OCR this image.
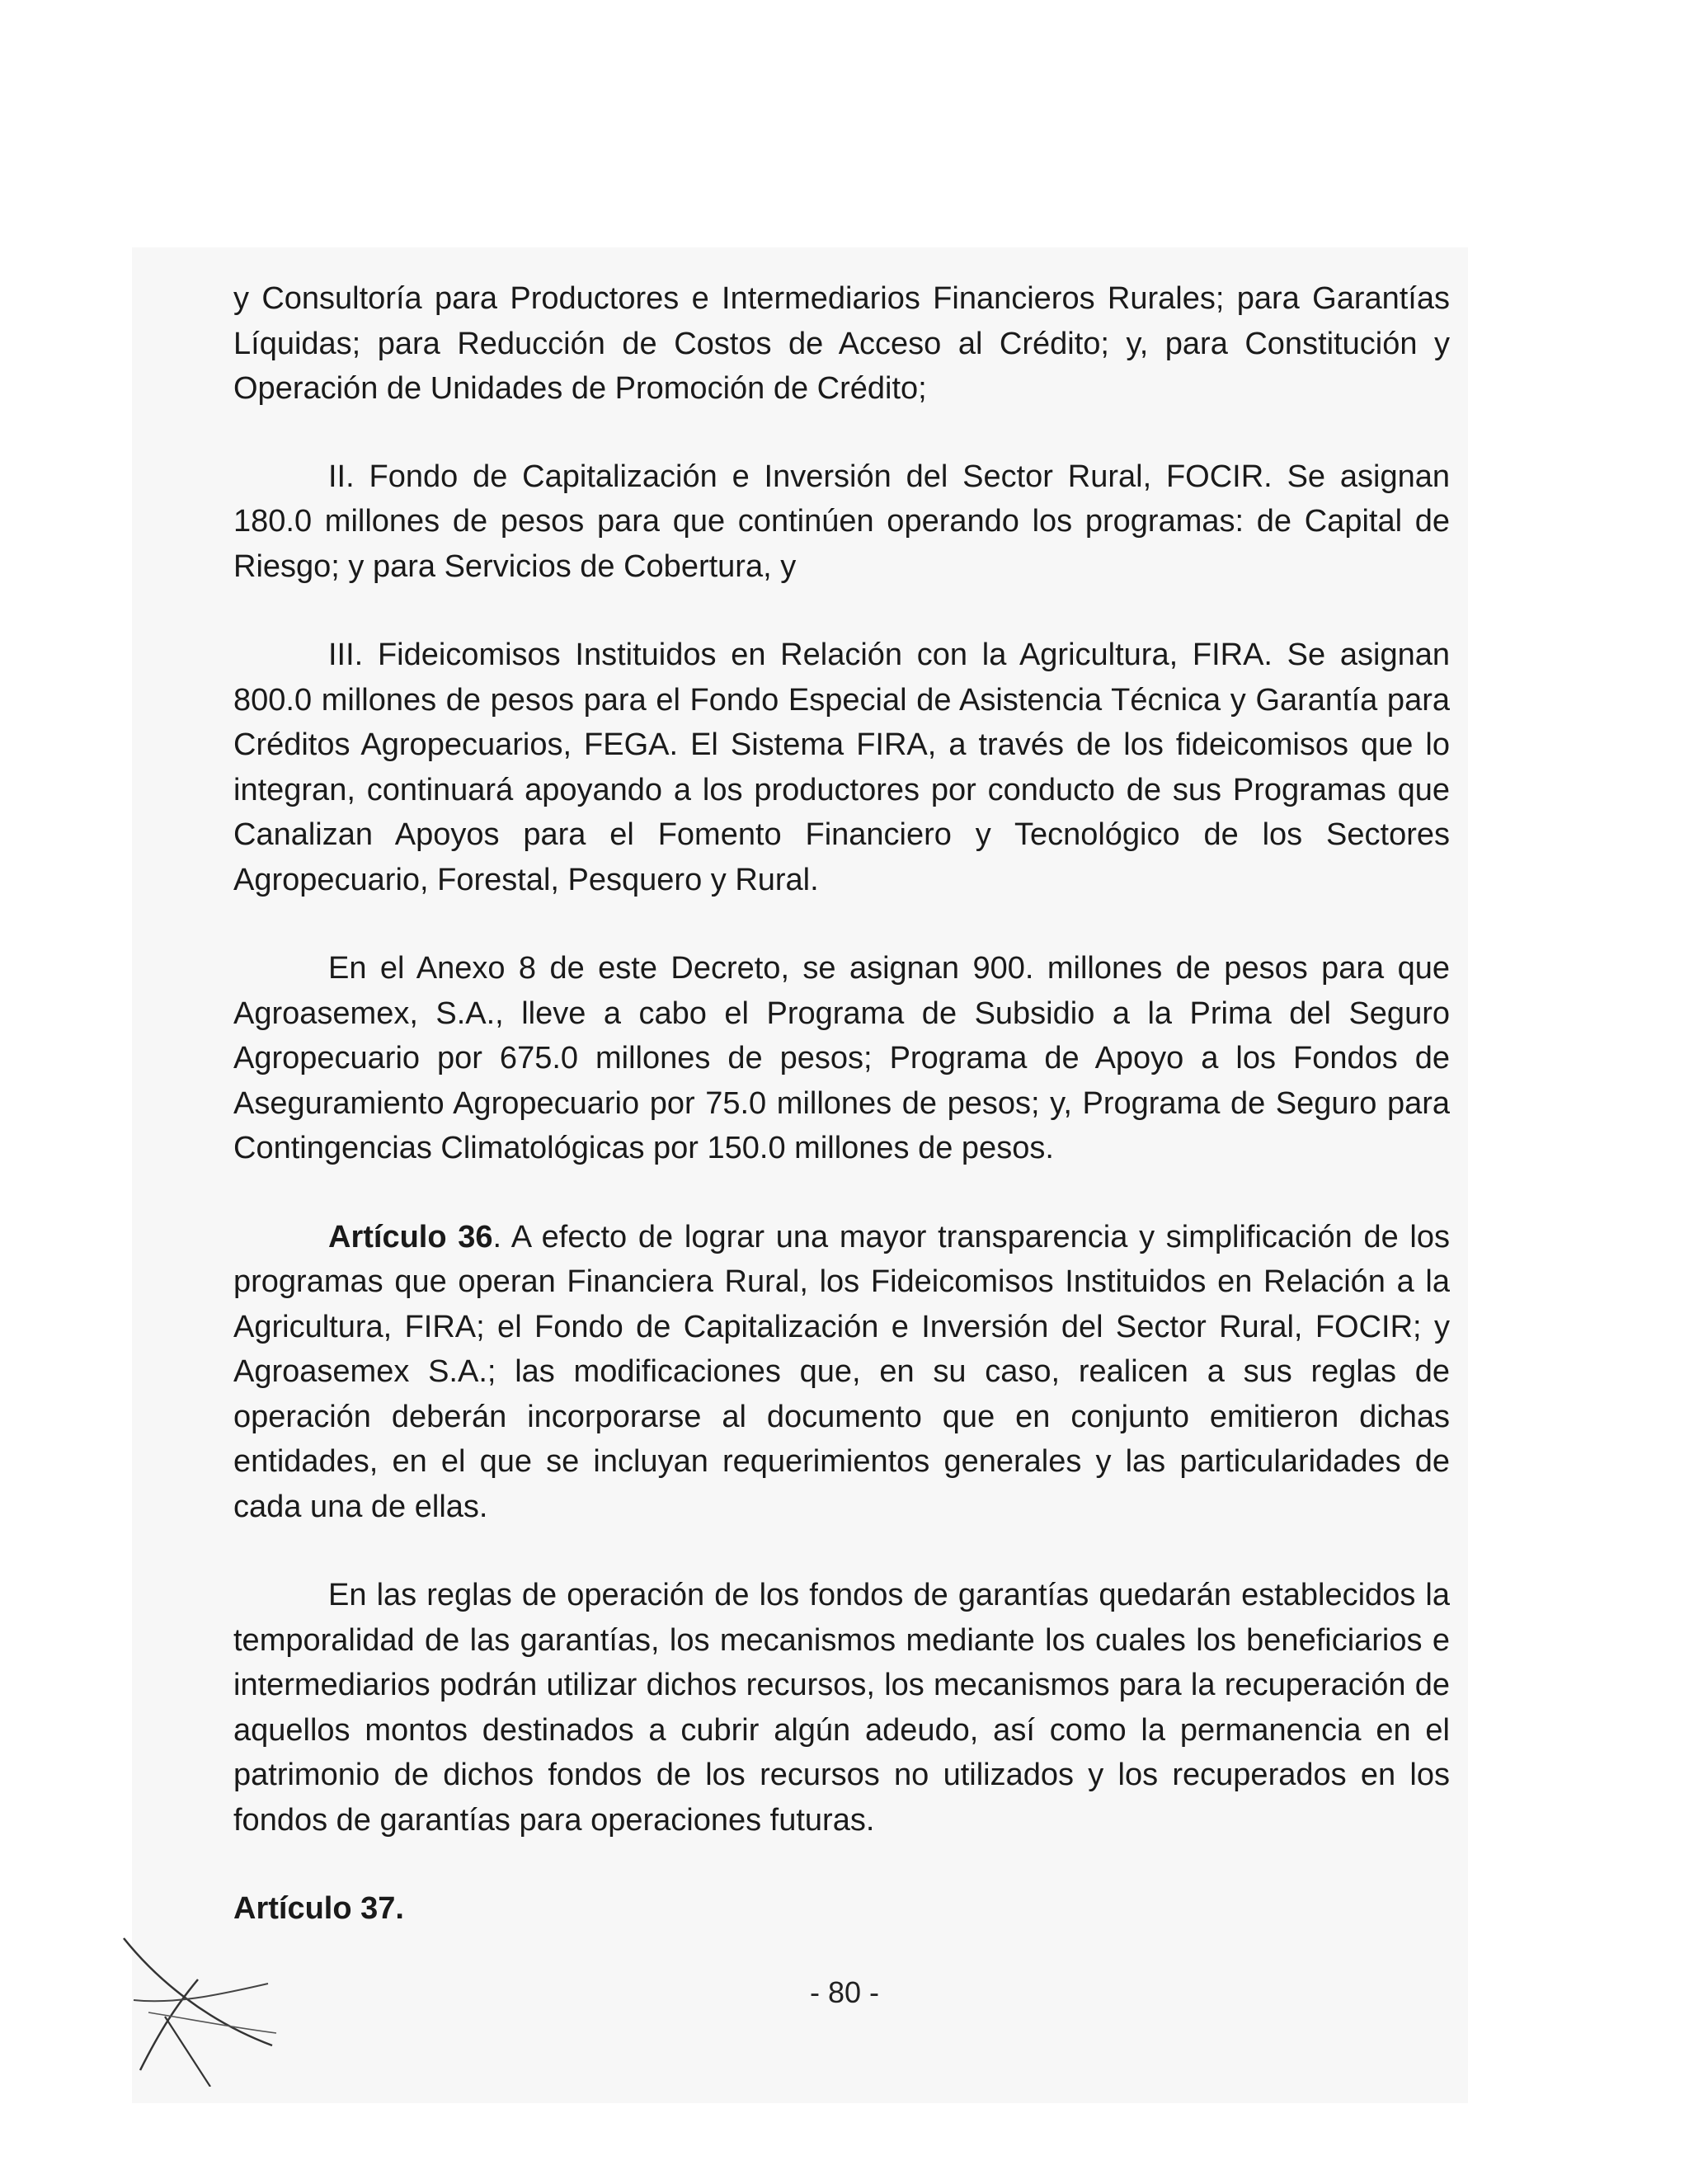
y Consultoría para Productores e Intermediarios Financieros Rurales; para Garantías Líquidas; para Reducción de Costos de Acceso al Crédito; y, para Constitución y Operación de Unidades de Promoción de Crédito;

II. Fondo de Capitalización e Inversión del Sector Rural, FOCIR. Se asignan 180.0 millones de pesos para que continúen operando los programas: de Capital de Riesgo; y para Servicios de Cobertura, y

III. Fideicomisos Instituidos en Relación con la Agricultura, FIRA. Se asignan 800.0 millones de pesos para el Fondo Especial de Asistencia Técnica y Garantía para Créditos Agropecuarios, FEGA. El Sistema FIRA, a través de los fideicomisos que lo integran, continuará apoyando a los productores por conducto de sus Programas que Canalizan Apoyos para el Fomento Financiero y Tecnológico de los Sectores Agropecuario, Forestal, Pesquero y Rural.

En el Anexo 8 de este Decreto, se asignan 900. millones de pesos para que Agroasemex, S.A., lleve a cabo el Programa de Subsidio a la Prima del Seguro Agropecuario por 675.0 millones de pesos; Programa de Apoyo a los Fondos de Aseguramiento Agropecuario por 75.0 millones de pesos; y, Programa de Seguro para Contingencias Climatológicas por 150.0 millones de pesos.

Artículo 36. A efecto de lograr una mayor transparencia y simplificación de los programas que operan Financiera Rural, los Fideicomisos Instituidos en Relación a la Agricultura, FIRA; el Fondo de Capitalización e Inversión del Sector Rural, FOCIR; y Agroasemex S.A.; las modificaciones que, en su caso, realicen a sus reglas de operación deberán incorporarse al documento que en conjunto emitieron dichas entidades, en el que se incluyan requerimientos generales y las particularidades de cada una de ellas.

En las reglas de operación de los fondos de garantías quedarán establecidos la temporalidad de las garantías, los mecanismos mediante los cuales los beneficiarios e intermediarios podrán utilizar dichos recursos, los mecanismos para la recuperación de aquellos montos destinados a cubrir algún adeudo, así como la permanencia en el patrimonio de dichos fondos de los recursos no utilizados y los recuperados en los fondos de garantías para operaciones futuras.

Artículo 37.

- 80 -
